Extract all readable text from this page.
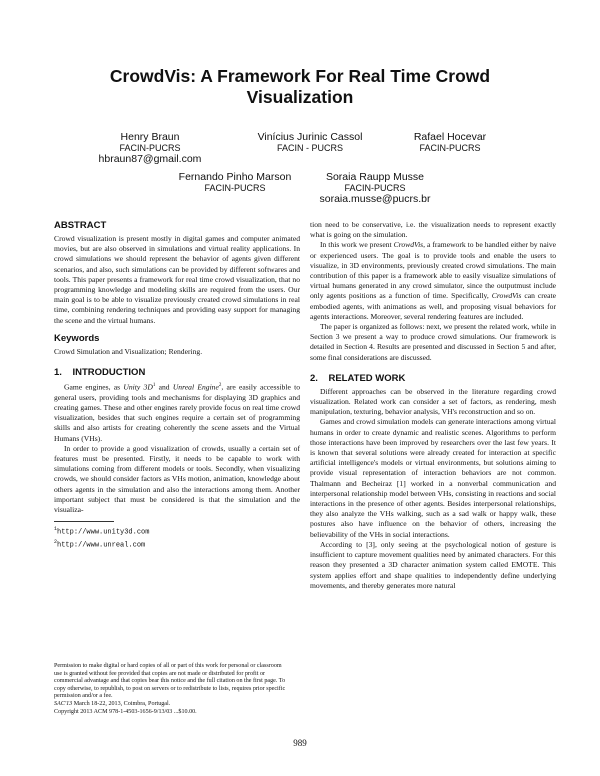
CrowdVis: A Framework For Real Time Crowd Visualization
Henry Braun
FACIN-PUCRS
hbraun87@gmail.com
Vinícius Jurinic Cassol
FACIN - PUCRS
Rafael Hocevar
FACIN-PUCRS
Fernando Pinho Marson
FACIN-PUCRS
Soraia Raupp Musse
FACIN-PUCRS
soraia.musse@pucrs.br
ABSTRACT

Crowd visualization is present mostly in digital games and computer animated movies, but are also observed in simulations and virtual reality applications. In crowd simulations we should represent the behavior of agents given different scenarios, and also, such simulations can be provided by different softwares and tools. This paper presents a framework for real time crowd visualization, that no programming knowledge and modeling skills are required from the users. Our main goal is to be able to visualize previously created crowd simulations in real time, combining rendering techniques and providing easy support for managing the scene and the virtual humans.

Keywords

Crowd Simulation and Visualization; Rendering.

1.    INTRODUCTION

Game engines, as Unity $3D^1$ and Unreal Engine$^2$, are easily accessible to general users, providing tools and mechanisms for displaying 3D graphics and creating games. These and other engines rarely provide focus on real time crowd visualization, besides that such engines require a certain set of programming skills and also artists for creating coherently the scene assets and the Virtual Humans (VHs).

In order to provide a good visualization of crowds, usually a certain set of features must be presented. Firstly, it needs to be capable to work with simulations coming from different models or tools. Secondly, when visualizing crowds, we should consider factors as VHs motion, animation, knowledge about others agents in the simulation and also the interactions among them. Another important subject that must be considered is that the simulation and the visualiza-

$^1$http://www.unity3d.com
$^2$http://www.unreal.com
Permission to make digital or hard copies of all or part of this work for personal or classroom use is granted without fee provided that copies are not made or distributed for profit or commercial advantage and that copies bear this notice and the full citation on the first page. To copy otherwise, to republish, to post on servers or to redistribute to lists, requires prior specific permission and/or a fee.
SAC'13 March 18-22, 2013, Coimbra, Portugal.
Copyright 2013 ACM 978-1-4503-1656-9/13/03 ...$10.00.

tion need to be conservative, i.e. the visualization needs to represent exactly what is going on the simulation.

In this work we present CrowdVis, a framework to be handled either by naive or experienced users. The goal is to provide tools and enable the users to visualize, in 3D environments, previously created crowd simulations. The main contribution of this paper is a framework able to easily visualize simulations of virtual humans generated in any crowd simulator, since the outputmust include only agents positions as a function of time. Specifically, CrowdVis can create embodied agents, with animations as well, and proposing visual behaviors for agents interactions. Moreover, several rendering features are included.

The paper is organized as follows: next, we present the related work, while in Section 3 we present a way to produce crowd simulations. Our framework is detailed in Section 4. Results are presented and discussed in Section 5 and after, some final considerations are discussed.

2.    RELATED WORK

Different approaches can be observed in the literature regarding crowd visualization. Related work can consider a set of factors, as rendering, mesh manipulation, texturing, behavior analysis, VH's reconstruction and so on.

Games and crowd simulation models can generate interactions among virtual humans in order to create dynamic and realistic scenes. Algorithms to perform those interactions have been improved by researchers over the last few years. It is known that several solutions were already created for interaction at specific artificial intelligence's models or virtual environments, but solutions aiming to provide visual representation of interaction behaviors are not common. Thalmann and Becheiraz [1] worked in a nonverbal communication and interpersonal relationship model between VHs, consisting in reactions and social interactions in the presence of other agents. Besides interpersonal relationships, they also analyze the VHs walking, such as a sad walk or happy walk, these postures also have influence on the behavior of others, increasing the believability of the VHs in social interactions.

According to [3], only seeing at the psychological notion of gesture is insufficient to capture movement qualities need by animated characters. For this reason they presented a 3D character animation system called EMOTE. This system applies effort and shape qualities to independently define underlying movements, and thereby generates more natural

989
